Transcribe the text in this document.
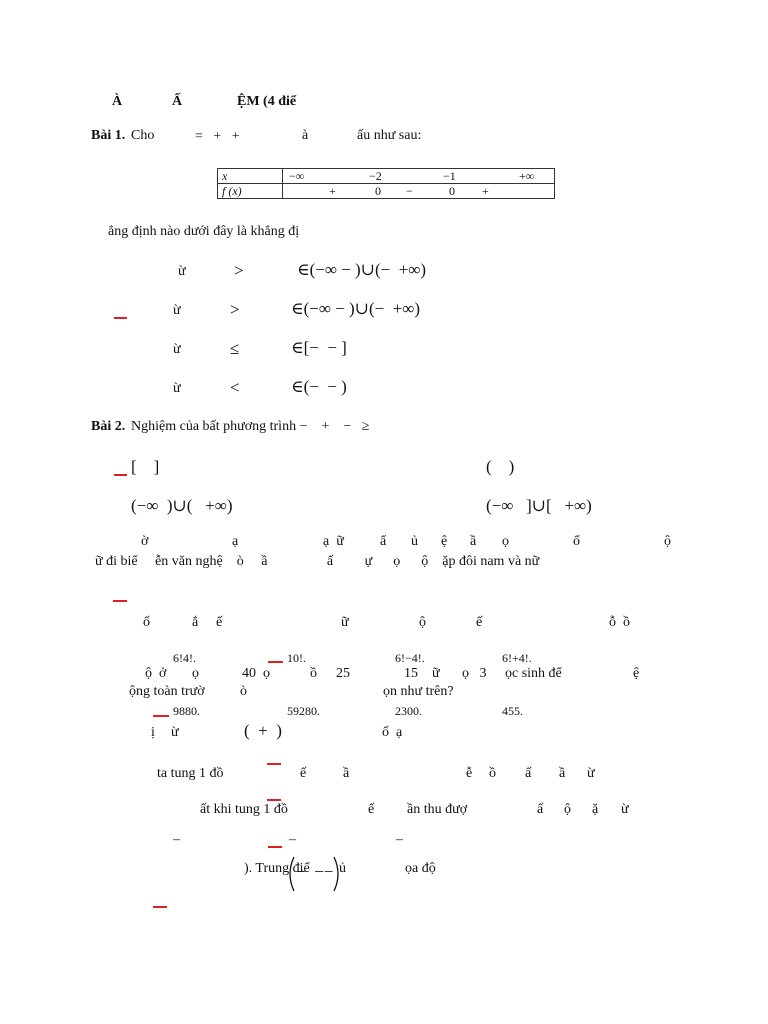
À	Ấ	ỆM (4 điể
Bài 1. Cho	=   +   +	à	ấu như sau:
x	−∞ −2 −1 +∞

f (x)	+ 0 − 0 +
ẳng định nào dưới đây là khẳng đị
ừ	>	∈(−∞ − )∪(−  +∞)
ừ	>	∈(−∞ − )∪(−  +∞)
ừ	≤	∈[−  − ]
ừ	<	∈(−  − )
Bài 2. Nghiệm của bất phương trình −    +    −   ≥
[    ]	(    )
(−∞  )∪(   +∞)	(−∞   ]∪[   +∞)
ờ	ạ	ạ  ữ	ẩ ủ ệ ầ ọ	ổ	ộ
ữ đi biể     ễn văn nghệ    ò     ầ                 ấ         ự      ọ      ộ    ặp đôi nam và nữ
ố	ắ ế	ữ	ộ	ế	ỗ  ồ
6!4!.	10!.	6!−4!.	6!+4!.
ộ  ở ọ	40  ọ	ồ 25	15 ữ ọ   3 ọc sinh để	ệ
ộng toàn trườ	ò	ọn như trên?
9880.	59280.	2300.	455.
ị ừ	(  +  )	ố  ạ
ta tung 1 đồ	ế	ầ	ễ ồ ấ ầ ừ
ất khi tung 1 đồ	ế ần thu đượ	ấ ộ ặ ừ
–	–	–
). Trung điể ủ	ọa độ
−  −−
